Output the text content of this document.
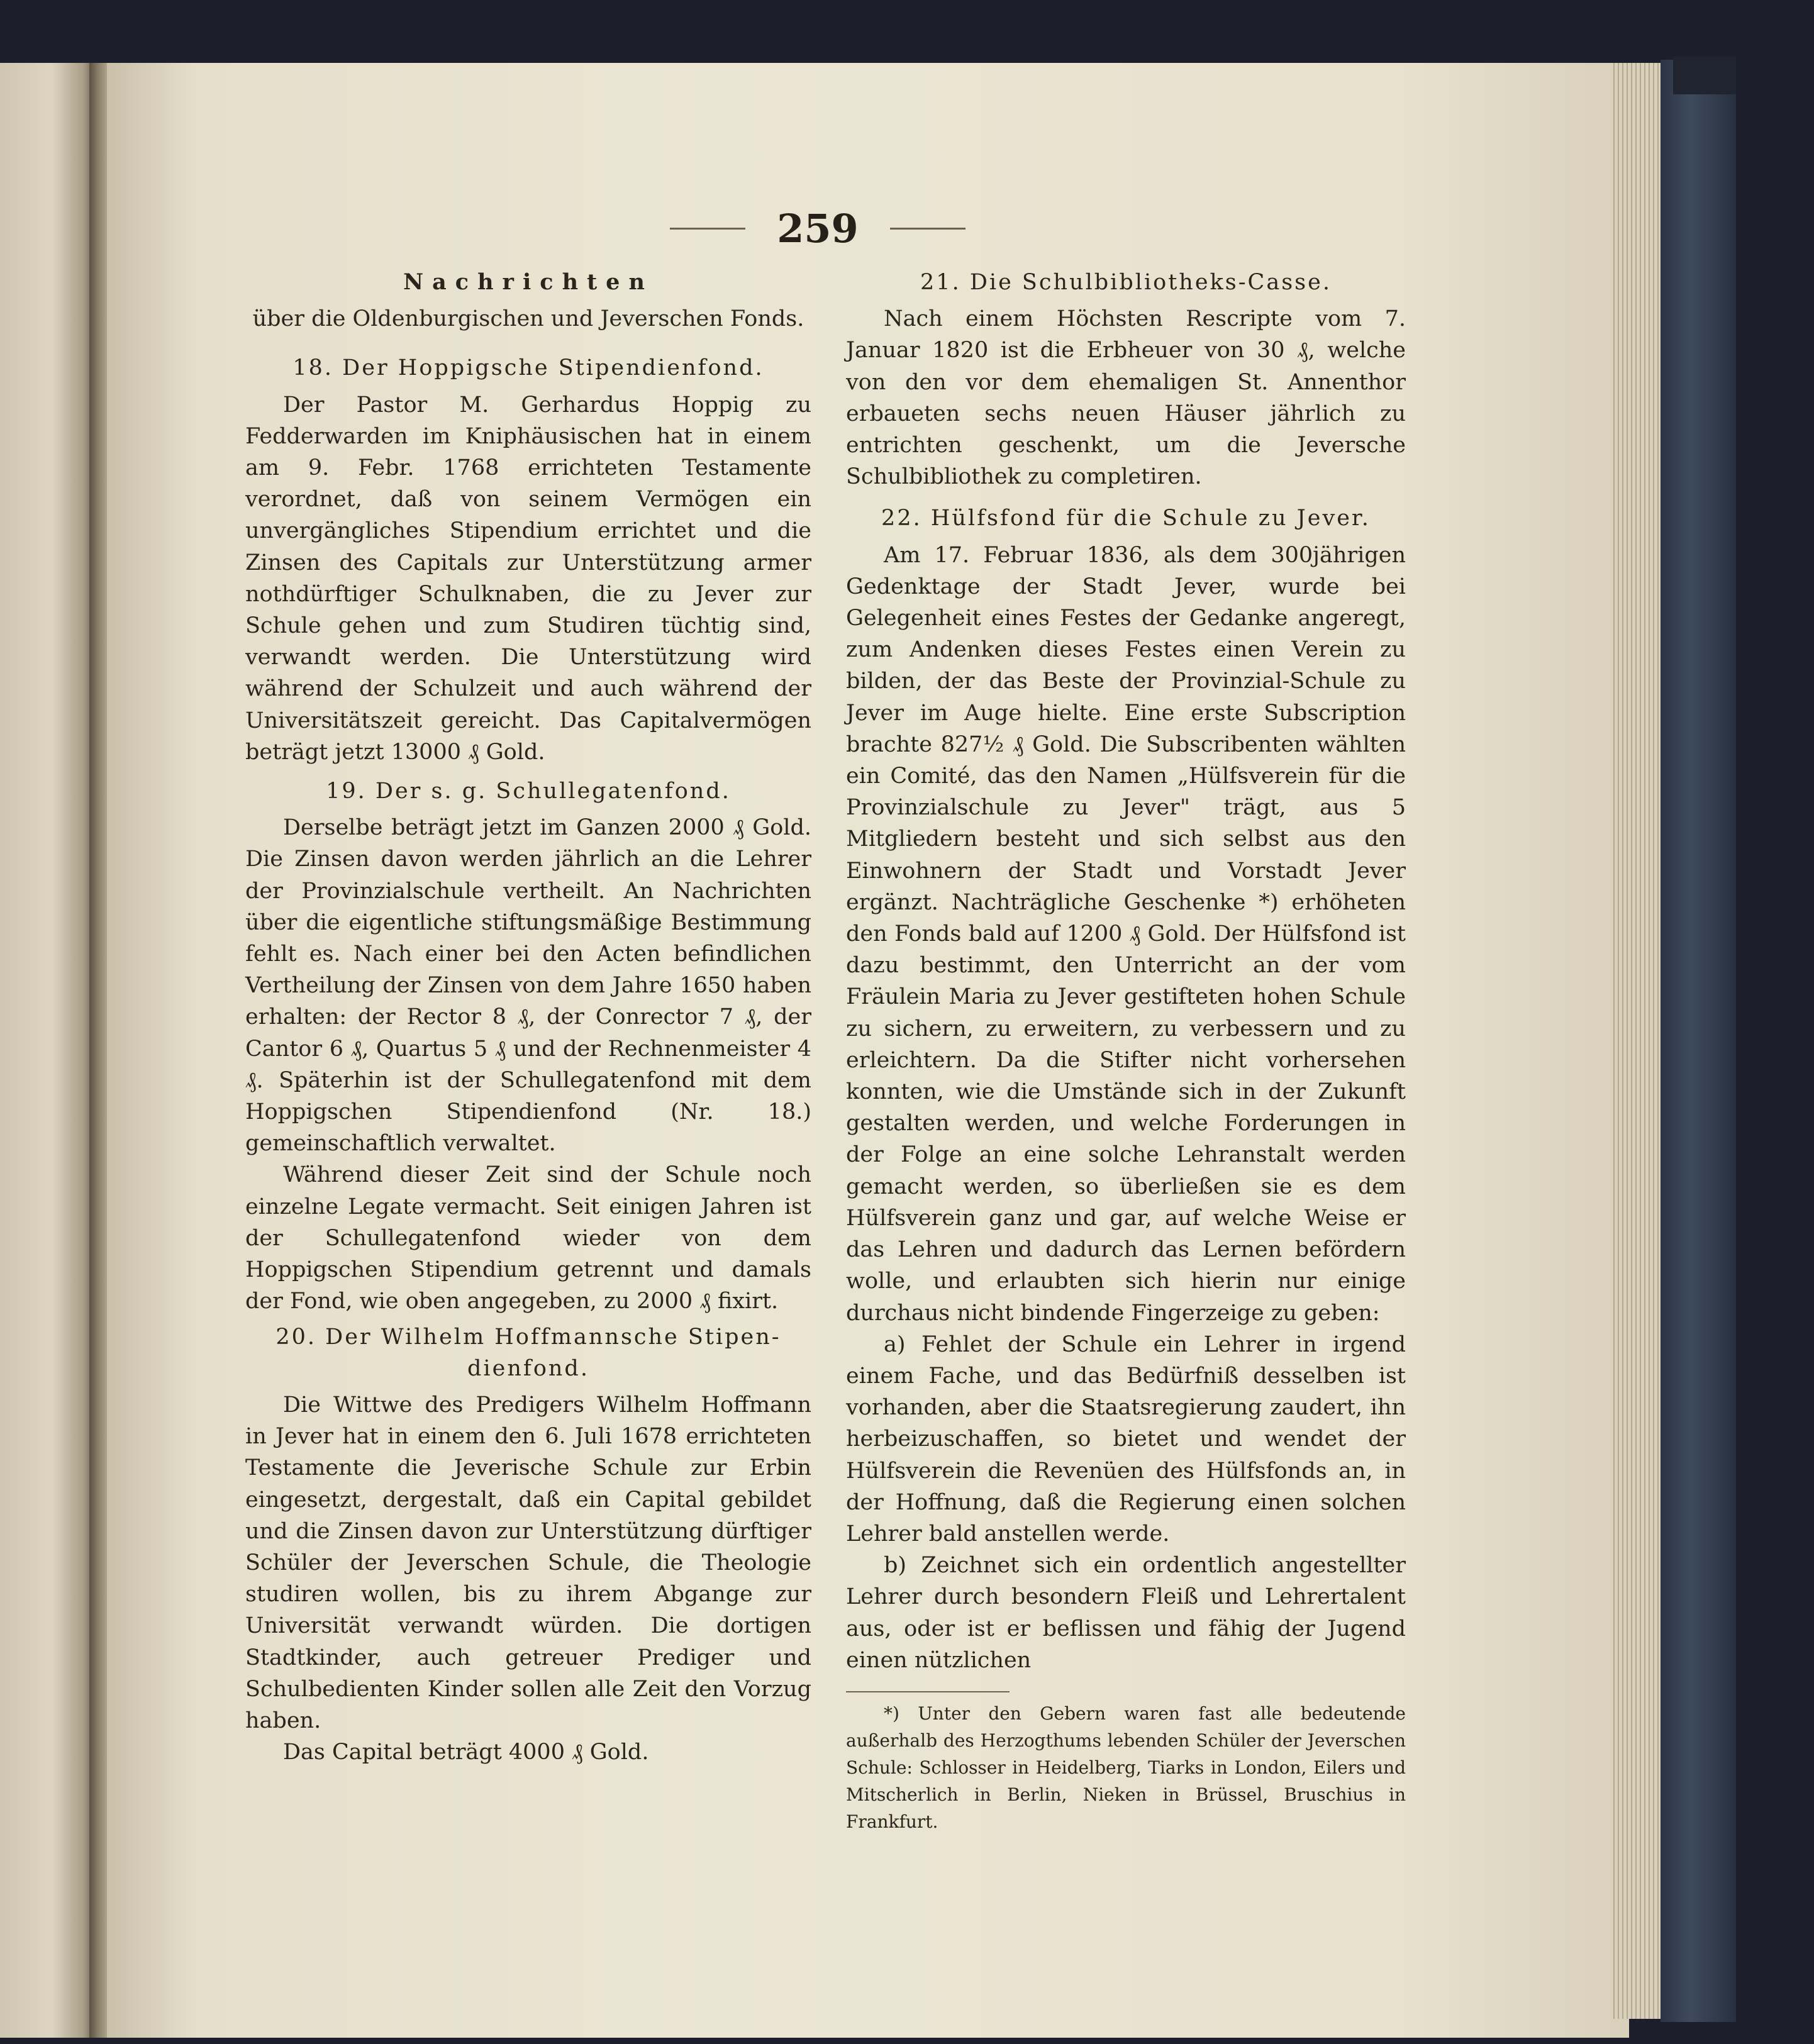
259

Nachrichten

über die Oldenburgischen und Jeverschen Fonds.

18. Der Hoppigsche Stipendienfond.

Der Pastor M. Gerhardus Hoppig zu Fedderwarden im Kniphäusischen hat in einem am 9. Febr. 1768 errichteten Testamente verordnet, daß von seinem Vermögen ein unvergängliches Stipendium errichtet und die Zinsen des Capitals zur Unterstützung armer nothdürftiger Schulknaben, die zu Jever zur Schule gehen und zum Studiren tüchtig sind, verwandt werden. Die Unterstützung wird während der Schulzeit und auch während der Universitätszeit gereicht. Das Capitalvermögen beträgt jetzt 13000 ₰ Gold.

19. Der s. g. Schullegatenfond.

Derselbe beträgt jetzt im Ganzen 2000 ₰ Gold. Die Zinsen davon werden jährlich an die Lehrer der Provinzialschule vertheilt. An Nachrichten über die eigentliche stiftungsmäßige Bestimmung fehlt es. Nach einer bei den Acten befindlichen Vertheilung der Zinsen von dem Jahre 1650 haben erhalten: der Rector 8 ₰, der Conrector 7 ₰, der Cantor 6 ₰, Quartus 5 ₰ und der Rechnenmeister 4 ₰. Späterhin ist der Schullegatenfond mit dem Hoppigschen Stipendienfond (Nr. 18.) gemeinschaftlich verwaltet.

Während dieser Zeit sind der Schule noch einzelne Legate vermacht. Seit einigen Jahren ist der Schullegatenfond wieder von dem Hoppigschen Stipendium getrennt und damals der Fond, wie oben angegeben, zu 2000 ₰ fixirt.

20. Der Wilhelm Hoffmannsche Stipen-

dienfond.

Die Wittwe des Predigers Wilhelm Hoffmann in Jever hat in einem den 6. Juli 1678 errichteten Testamente die Jeverische Schule zur Erbin eingesetzt, dergestalt, daß ein Capital gebildet und die Zinsen davon zur Unterstützung dürftiger Schüler der Jeverschen Schule, die Theologie studiren wollen, bis zu ihrem Abgange zur Universität verwandt würden. Die dortigen Stadtkinder, auch getreuer Prediger und Schulbedienten Kinder sollen alle Zeit den Vorzug haben.

Das Capital beträgt 4000 ₰ Gold.

21. Die Schulbibliotheks-Casse.

Nach einem Höchsten Rescripte vom 7. Januar 1820 ist die Erbheuer von 30 ₰, welche von den vor dem ehemaligen St. Annenthor erbaueten sechs neuen Häuser jährlich zu entrichten geschenkt, um die Jeversche Schulbibliothek zu completiren.

22. Hülfsfond für die Schule zu Jever.

Am 17. Februar 1836, als dem 300jährigen Gedenktage der Stadt Jever, wurde bei Gelegenheit eines Festes der Gedanke angeregt, zum Andenken dieses Festes einen Verein zu bilden, der das Beste der Provinzial-Schule zu Jever im Auge hielte. Eine erste Subscription brachte 827½ ₰ Gold. Die Subscribenten wählten ein Comité, das den Namen „Hülfsverein für die Provinzialschule zu Jever" trägt, aus 5 Mitgliedern besteht und sich selbst aus den Einwohnern der Stadt und Vorstadt Jever ergänzt. Nachträgliche Geschenke *) erhöheten den Fonds bald auf 1200 ₰ Gold. Der Hülfsfond ist dazu bestimmt, den Unterricht an der vom Fräulein Maria zu Jever gestifteten hohen Schule zu sichern, zu erweitern, zu verbessern und zu erleichtern. Da die Stifter nicht vorhersehen konnten, wie die Umstände sich in der Zukunft gestalten werden, und welche Forderungen in der Folge an eine solche Lehranstalt werden gemacht werden, so überließen sie es dem Hülfsverein ganz und gar, auf welche Weise er das Lehren und dadurch das Lernen befördern wolle, und erlaubten sich hierin nur einige durchaus nicht bindende Fingerzeige zu geben:

a) Fehlet der Schule ein Lehrer in irgend einem Fache, und das Bedürfniß desselben ist vorhanden, aber die Staatsregierung zaudert, ihn herbeizuschaffen, so bietet und wendet der Hülfsverein die Revenüen des Hülfsfonds an, in der Hoffnung, daß die Regierung einen solchen Lehrer bald anstellen werde.

b) Zeichnet sich ein ordentlich angestellter Lehrer durch besondern Fleiß und Lehrertalent aus, oder ist er beflissen und fähig der Jugend einen nützlichen

*) Unter den Gebern waren fast alle bedeutende außerhalb des Herzogthums lebenden Schüler der Jeverschen Schule: Schlosser in Heidelberg, Tiarks in London, Eilers und Mitscherlich in Berlin, Nieken in Brüssel, Bruschius in Frankfurt.
